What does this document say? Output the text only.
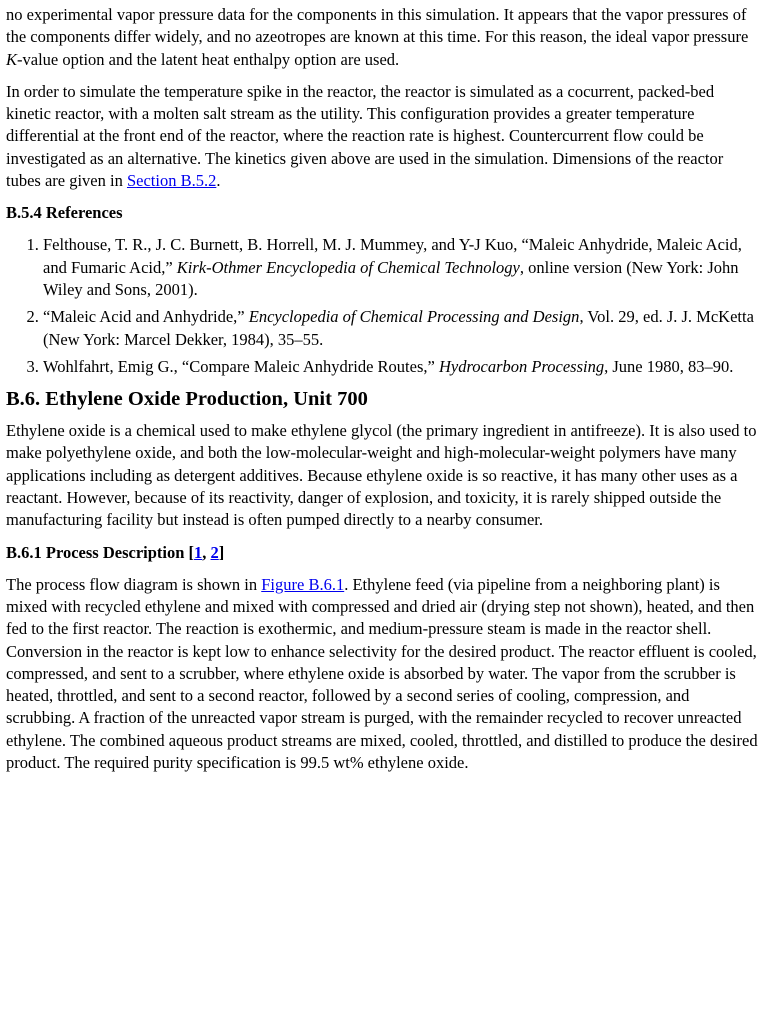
no experimental vapor pressure data for the components in this simulation. It appears that the vapor pressures of the components differ widely, and no azeotropes are known at this time. For this reason, the ideal vapor pressure K-value option and the latent heat enthalpy option are used.

In order to simulate the temperature spike in the reactor, the reactor is simulated as a cocurrent, packed-bed kinetic reactor, with a molten salt stream as the utility. This configuration provides a greater temperature differential at the front end of the reactor, where the reaction rate is highest. Countercurrent flow could be investigated as an alternative. The kinetics given above are used in the simulation. Dimensions of the reactor tubes are given in Section B.5.2.

B.5.4 References
1. Felthouse, T. R., J. C. Burnett, B. Horrell, M. J. Mummey, and Y-J Kuo, “Maleic Anhydride, Maleic Acid, and Fumaric Acid,” Kirk-Othmer Encyclopedia of Chemical Technology, online version (New York: John Wiley and Sons, 2001).
2. “Maleic Acid and Anhydride,” Encyclopedia of Chemical Processing and Design, Vol. 29, ed. J. J. McKetta (New York: Marcel Dekker, 1984), 35–55.
3. Wohlfahrt, Emig G., “Compare Maleic Anhydride Routes,” Hydrocarbon Processing, June 1980, 83–90.
B.6. Ethylene Oxide Production, Unit 700

Ethylene oxide is a chemical used to make ethylene glycol (the primary ingredient in antifreeze). It is also used to make polyethylene oxide, and both the low-molecular-weight and high-molecular-weight polymers have many applications including as detergent additives. Because ethylene oxide is so reactive, it has many other uses as a reactant. However, because of its reactivity, danger of explosion, and toxicity, it is rarely shipped outside the manufacturing facility but instead is often pumped directly to a nearby consumer.

B.6.1 Process Description [1, 2]

The process flow diagram is shown in Figure B.6.1. Ethylene feed (via pipeline from a neighboring plant) is mixed with recycled ethylene and mixed with compressed and dried air (drying step not shown), heated, and then fed to the first reactor. The reaction is exothermic, and medium-pressure steam is made in the reactor shell. Conversion in the reactor is kept low to enhance selectivity for the desired product. The reactor effluent is cooled, compressed, and sent to a scrubber, where ethylene oxide is absorbed by water. The vapor from the scrubber is heated, throttled, and sent to a second reactor, followed by a second series of cooling, compression, and scrubbing. A fraction of the unreacted vapor stream is purged, with the remainder recycled to recover unreacted ethylene. The combined aqueous product streams are mixed, cooled, throttled, and distilled to produce the desired product. The required purity specification is 99.5 wt% ethylene oxide.
